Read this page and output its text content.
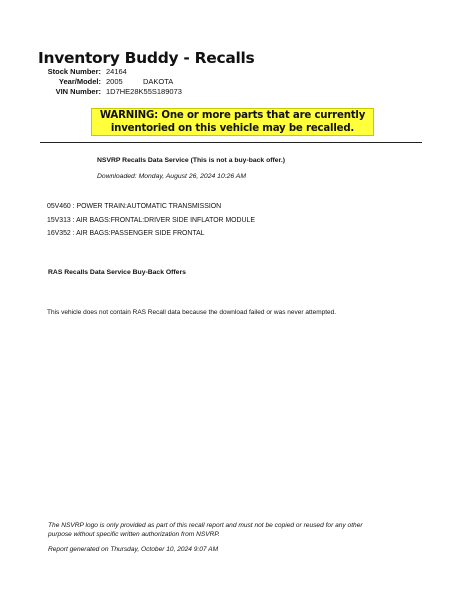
Inventory Buddy - Recalls
Stock Number: 24164
Year/Model: 2005	DAKOTA
VIN Number: 1D7HE28K55S189073
WARNING: One or more parts that are currently
inventoried on this vehicle may be recalled.
NSVRP Recalls Data Service (This is not a buy-back offer.)
Downloaded: Monday, August 26, 2024 10:26 AM
05V460 : POWER TRAIN:AUTOMATIC TRANSMISSION
15V313 : AIR BAGS:FRONTAL:DRIVER SIDE INFLATOR MODULE
16V352 : AIR BAGS:PASSENGER SIDE FRONTAL
RAS Recalls Data Service Buy-Back Offers
This vehicle does not contain RAS Recall data because the download failed or was never attempted.
The NSVRP logo is only provided as part of this recall report and must not be copied or reused for any other
purpose without specific written authorization from NSVRP.
Report generated on Thursday, October 10, 2024 9:07 AM
